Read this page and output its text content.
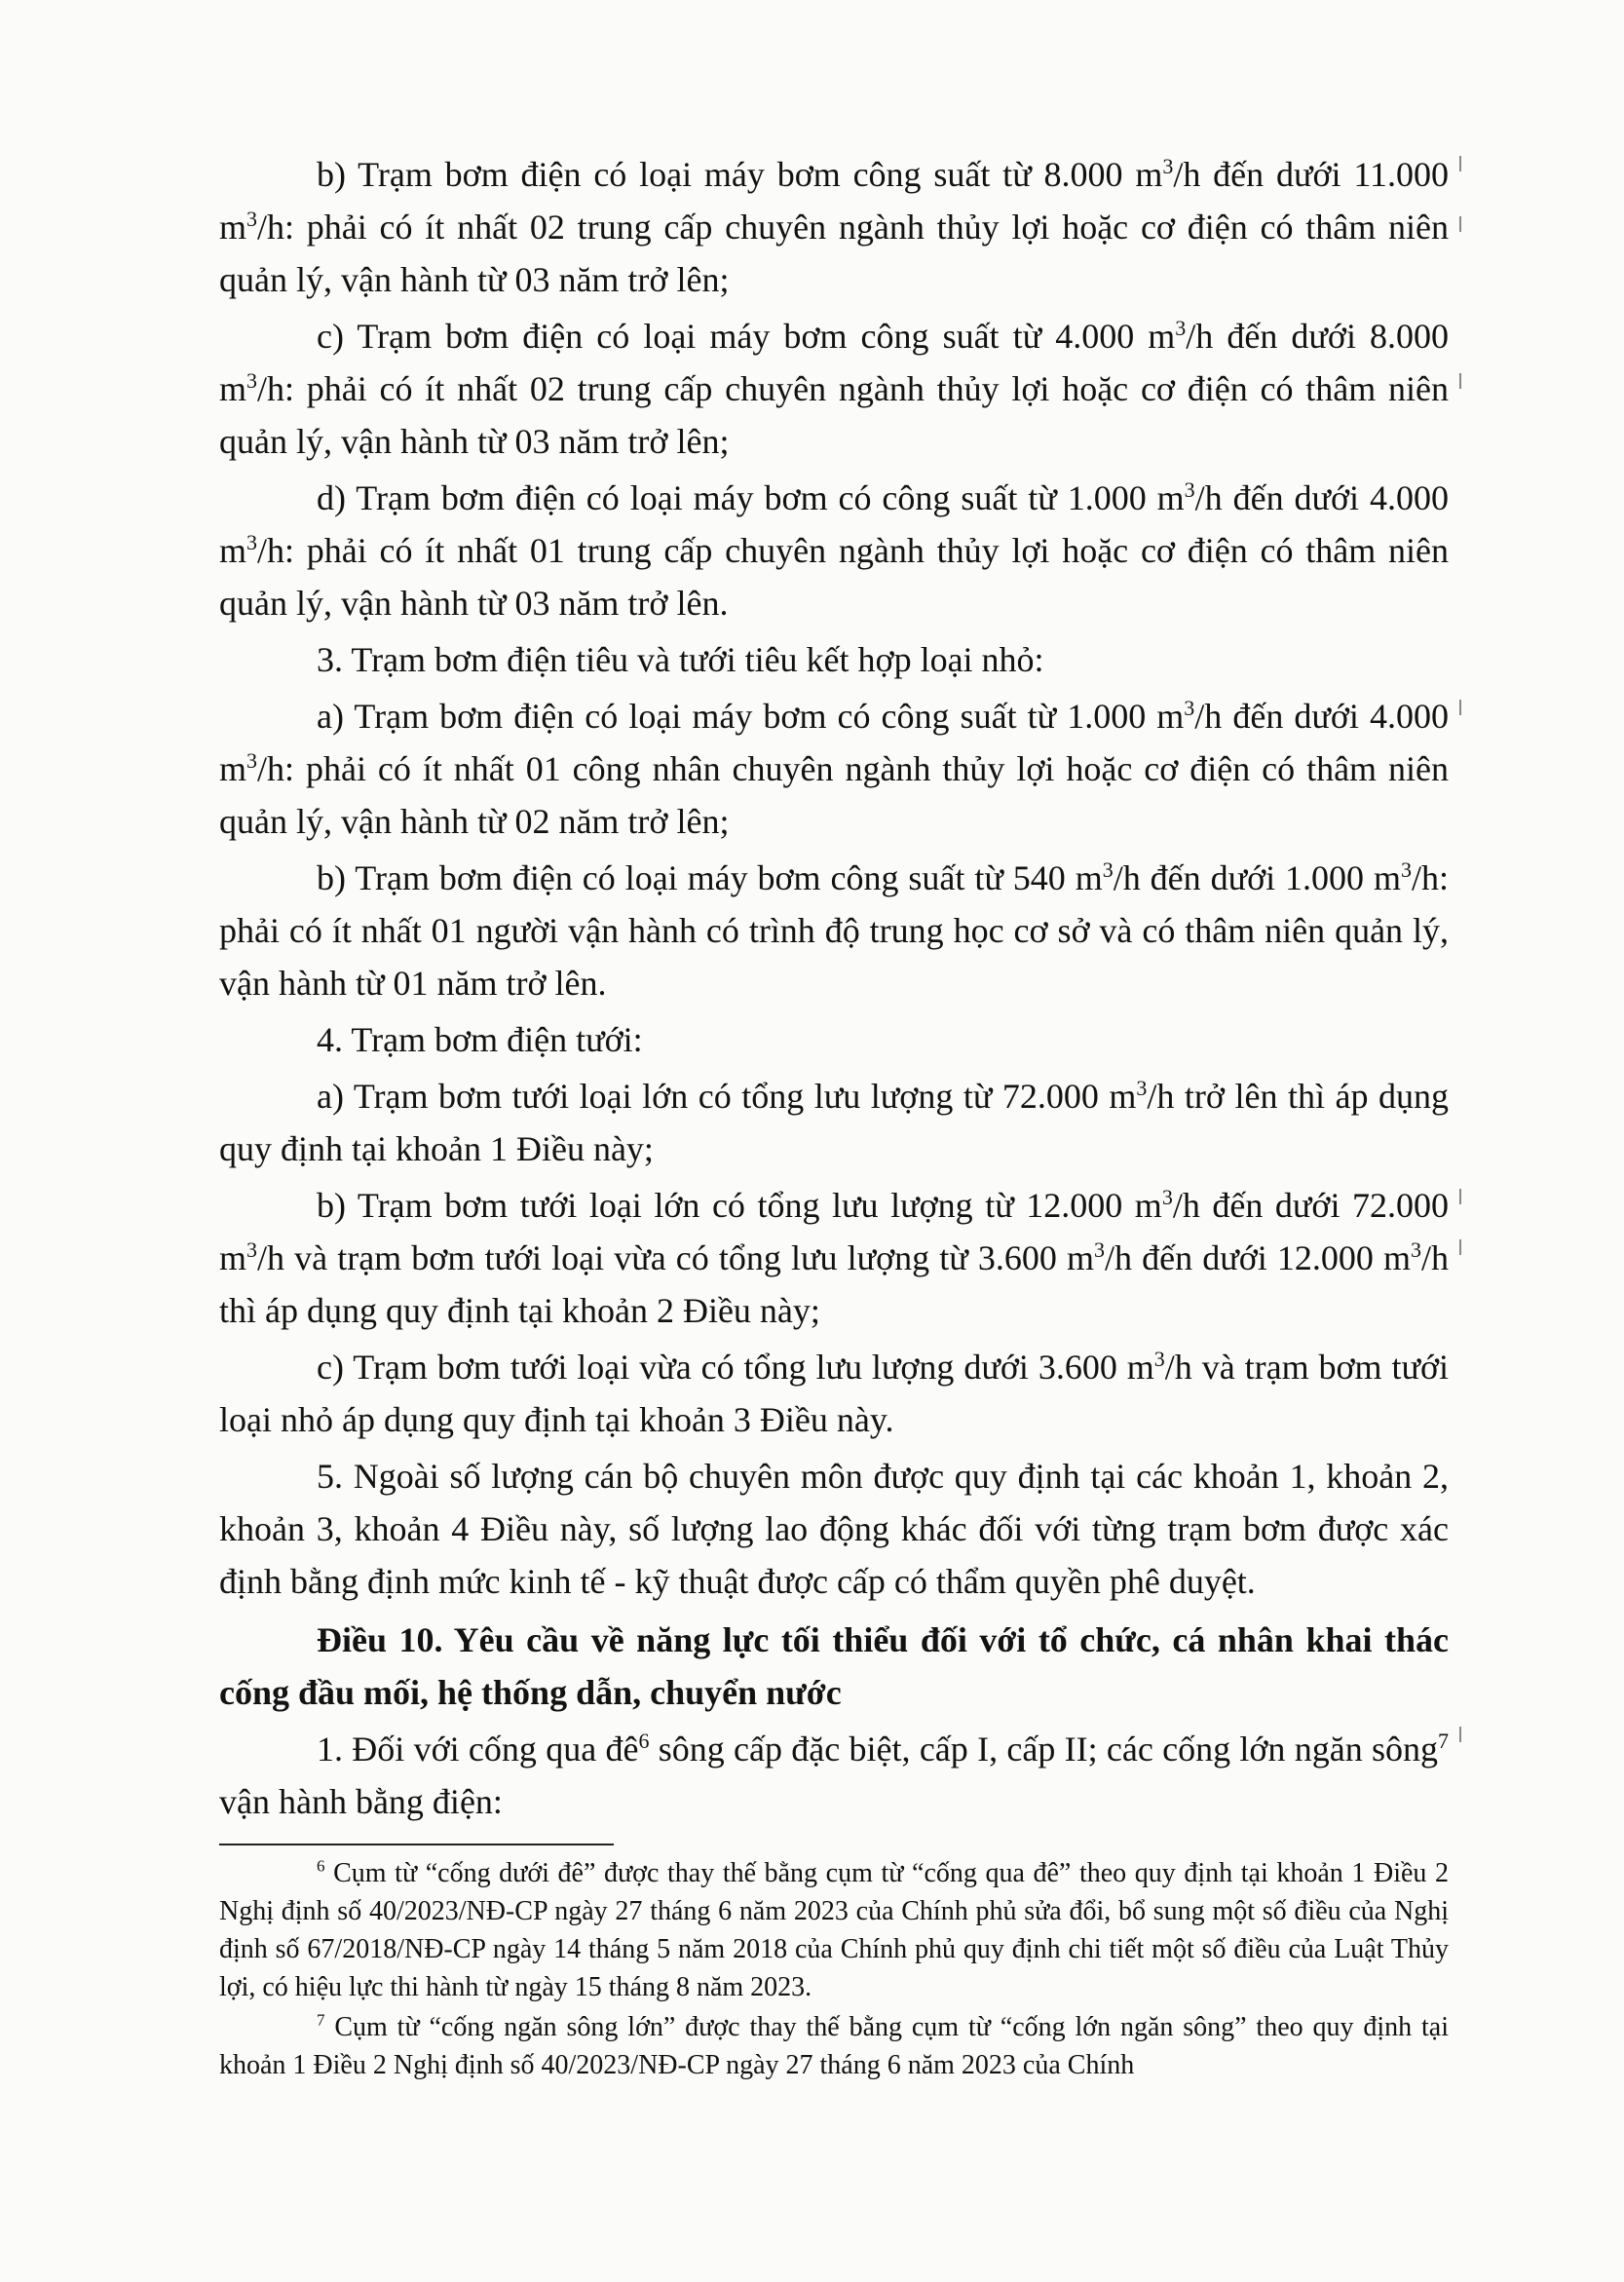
b) Trạm bơm điện có loại máy bơm công suất từ 8.000 $m^3/h$ đến dưới 11.000 $m^3/h$: phải có ít nhất 02 trung cấp chuyên ngành thủy lợi hoặc cơ điện có thâm niên quản lý, vận hành từ 03 năm trở lên;

c) Trạm bơm điện có loại máy bơm công suất từ 4.000 $m^3/h$ đến dưới 8.000 $m^3/h$: phải có ít nhất 02 trung cấp chuyên ngành thủy lợi hoặc cơ điện có thâm niên quản lý, vận hành từ 03 năm trở lên;

d) Trạm bơm điện có loại máy bơm có công suất từ 1.000 $m^3/h$ đến dưới 4.000 $m^3/h$: phải có ít nhất 01 trung cấp chuyên ngành thủy lợi hoặc cơ điện có thâm niên quản lý, vận hành từ 03 năm trở lên.

3. Trạm bơm điện tiêu và tưới tiêu kết hợp loại nhỏ:

a) Trạm bơm điện có loại máy bơm có công suất từ 1.000 $m^3/h$ đến dưới 4.000 $m^3/h$: phải có ít nhất 01 công nhân chuyên ngành thủy lợi hoặc cơ điện có thâm niên quản lý, vận hành từ 02 năm trở lên;

b) Trạm bơm điện có loại máy bơm công suất từ 540 $m^3/h$ đến dưới 1.000 $m^3/h$: phải có ít nhất 01 người vận hành có trình độ trung học cơ sở và có thâm niên quản lý, vận hành từ 01 năm trở lên.

4. Trạm bơm điện tưới:

a) Trạm bơm tưới loại lớn có tổng lưu lượng từ 72.000 $m^3/h$ trở lên thì áp dụng quy định tại khoản 1 Điều này;

b) Trạm bơm tưới loại lớn có tổng lưu lượng từ 12.000 $m^3/h$ đến dưới 72.000 $m^3/h$ và trạm bơm tưới loại vừa có tổng lưu lượng từ 3.600 $m^3/h$ đến dưới 12.000 $m^3/h$ thì áp dụng quy định tại khoản 2 Điều này;

c) Trạm bơm tưới loại vừa có tổng lưu lượng dưới 3.600 $m^3/h$ và trạm bơm tưới loại nhỏ áp dụng quy định tại khoản 3 Điều này.

5. Ngoài số lượng cán bộ chuyên môn được quy định tại các khoản 1, khoản 2, khoản 3, khoản 4 Điều này, số lượng lao động khác đối với từng trạm bơm được xác định bằng định mức kinh tế - kỹ thuật được cấp có thẩm quyền phê duyệt.

Điều 10. Yêu cầu về năng lực tối thiểu đối với tổ chức, cá nhân khai thác cống đầu mối, hệ thống dẫn, chuyển nước

1. Đối với cống qua $đê^6$ sông cấp đặc biệt, cấp I, cấp II; các cống lớn ngăn sông$^7$ vận hành bằng điện:

$^6$ Cụm từ “cống dưới đê” được thay thế bằng cụm từ “cống qua đê” theo quy định tại khoản 1 Điều 2 Nghị định số 40/2023/NĐ-CP ngày 27 tháng 6 năm 2023 của Chính phủ sửa đổi, bổ sung một số điều của Nghị định số 67/2018/NĐ-CP ngày 14 tháng 5 năm 2018 của Chính phủ quy định chi tiết một số điều của Luật Thủy lợi, có hiệu lực thi hành từ ngày 15 tháng 8 năm 2023.

$^7$ Cụm từ “cống ngăn sông lớn” được thay thế bằng cụm từ “cống lớn ngăn sông” theo quy định tại khoản 1 Điều 2 Nghị định số 40/2023/NĐ-CP ngày 27 tháng 6 năm 2023 của Chính
